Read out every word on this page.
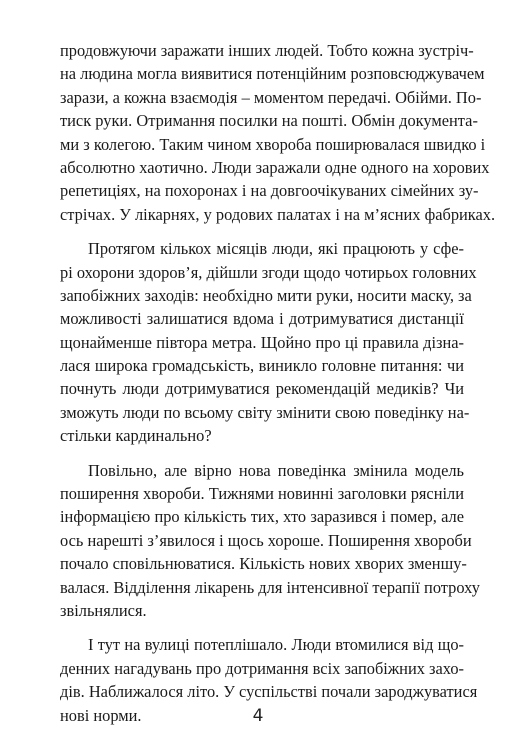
продовжуючи заражати інших людей. Тобто кожна зустріч-
на людина могла виявитися потенційним розповсюджувачем
зарази, а кожна взаємодія – моментом передачі. Обійми. По-
тиск руки. Отримання посилки на пошті. Обмін документа-
ми з колегою. Таким чином хвороба поширювалася швидко і
абсолютно хаотично. Люди заражали одне одного на хорових
репетиціях, на похоронах і на довгоочікуваних сімейних зу-
стрічах. У лікарнях, у родових палатах і на м’ясних фабриках.
Протягом кількох місяців люди, які працюють у сфе-
рі охорони здоров’я, дійшли згоди щодо чотирьох головних
запобіжних заходів: необхідно мити руки, носити маску, за
можливості залишатися вдома і дотримуватися дистанції
щонайменше півтора метра. Щойно про ці правила дізна-
лася широка громадськість, виникло головне питання: чи
почнуть люди дотримуватися рекомендацій медиків? Чи
зможуть люди по всьому світу змінити свою поведінку на-
стільки кардинально?
Повільно, але вірно нова поведінка змінила модель
поширення хвороби. Тижнями новинні заголовки рясніли
інформацією про кількість тих, хто заразився і помер, але
ось нарешті з’явилося і щось хороше. Поширення хвороби
почало сповільнюватися. Кількість нових хворих зменшу-
валася. Відділення лікарень для інтенсивної терапії потроху
звільнялися.
І тут на вулиці потеплішало. Люди втомилися від що-
денних нагадувань про дотримання всіх запобіжних захо-
дів. Наближалося літо. У суспільстві почали зароджуватися
нові норми.	4
